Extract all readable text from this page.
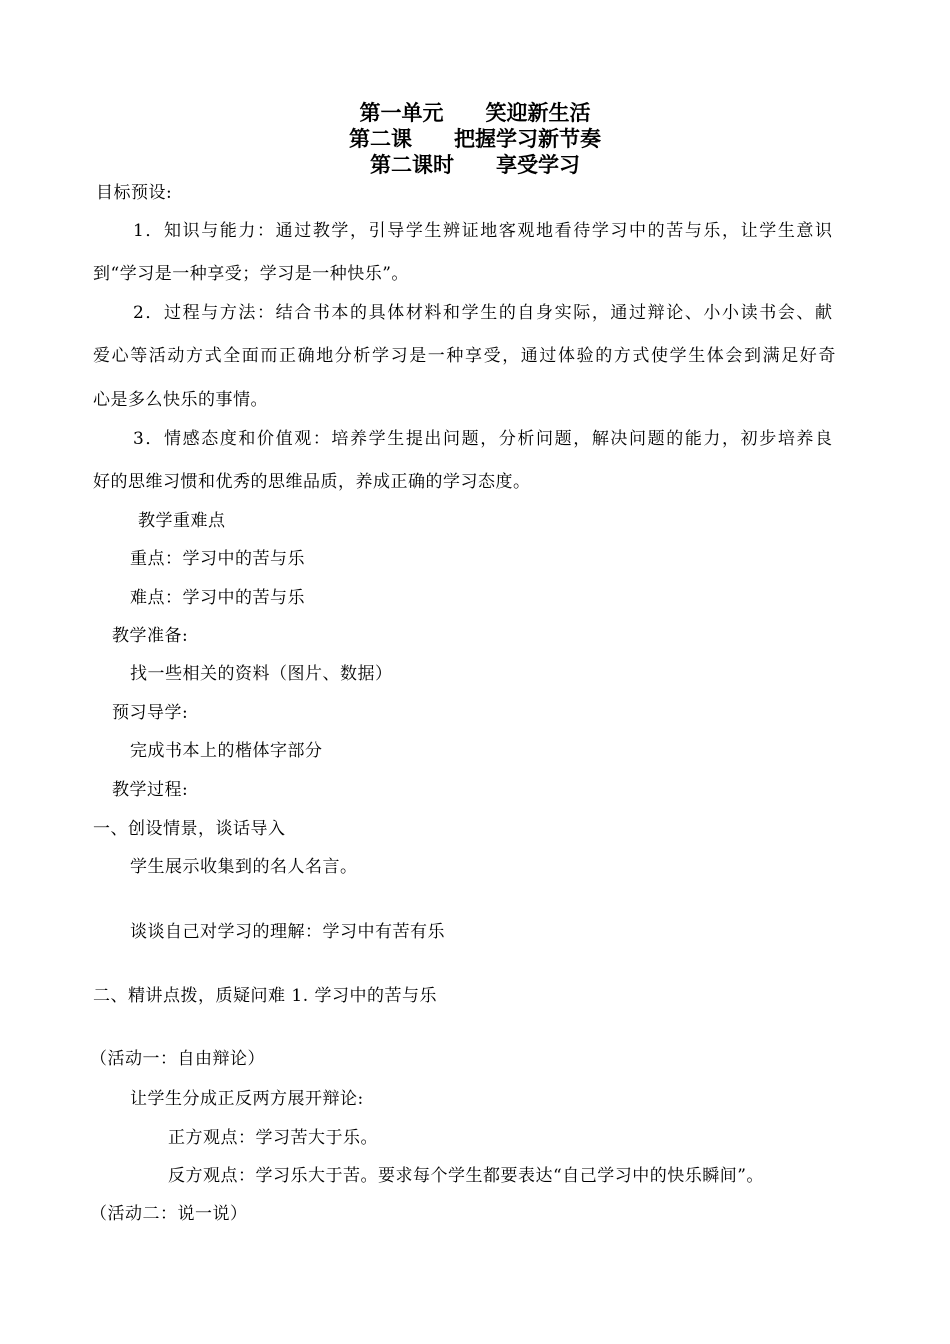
第一单元　　笑迎新生活
第二课　　把握学习新节奏
第二课时　　享受学习
目标预设:
1．知识与能力：通过教学，引导学生辨证地客观地看待学习中的苦与乐，让学生意识
到“学习是一种享受；学习是一种快乐”。
2．过程与方法：结合书本的具体材料和学生的自身实际，通过辩论、小小读书会、献
爱心等活动方式全面而正确地分析学习是一种享受，通过体验的方式使学生体会到满足好奇
心是多么快乐的事情。
3．情感态度和价值观：培养学生提出问题，分析问题，解决问题的能力，初步培养良
好的思维习惯和优秀的思维品质，养成正确的学习态度。
教学重难点
重点：学习中的苦与乐
难点：学习中的苦与乐
教学准备:
找一些相关的资料（图片、数据）
预习导学:
完成书本上的楷体字部分
教学过程:
一、创设情景，谈话导入
学生展示收集到的名人名言。
谈谈自己对学习的理解：学习中有苦有乐
二、精讲点拨，质疑问难 1. 学习中的苦与乐
（活动一：自由辩论）
让学生分成正反两方展开辩论:
正方观点：学习苦大于乐。
反方观点：学习乐大于苦。要求每个学生都要表达“自己学习中的快乐瞬间”。
（活动二：说一说）
